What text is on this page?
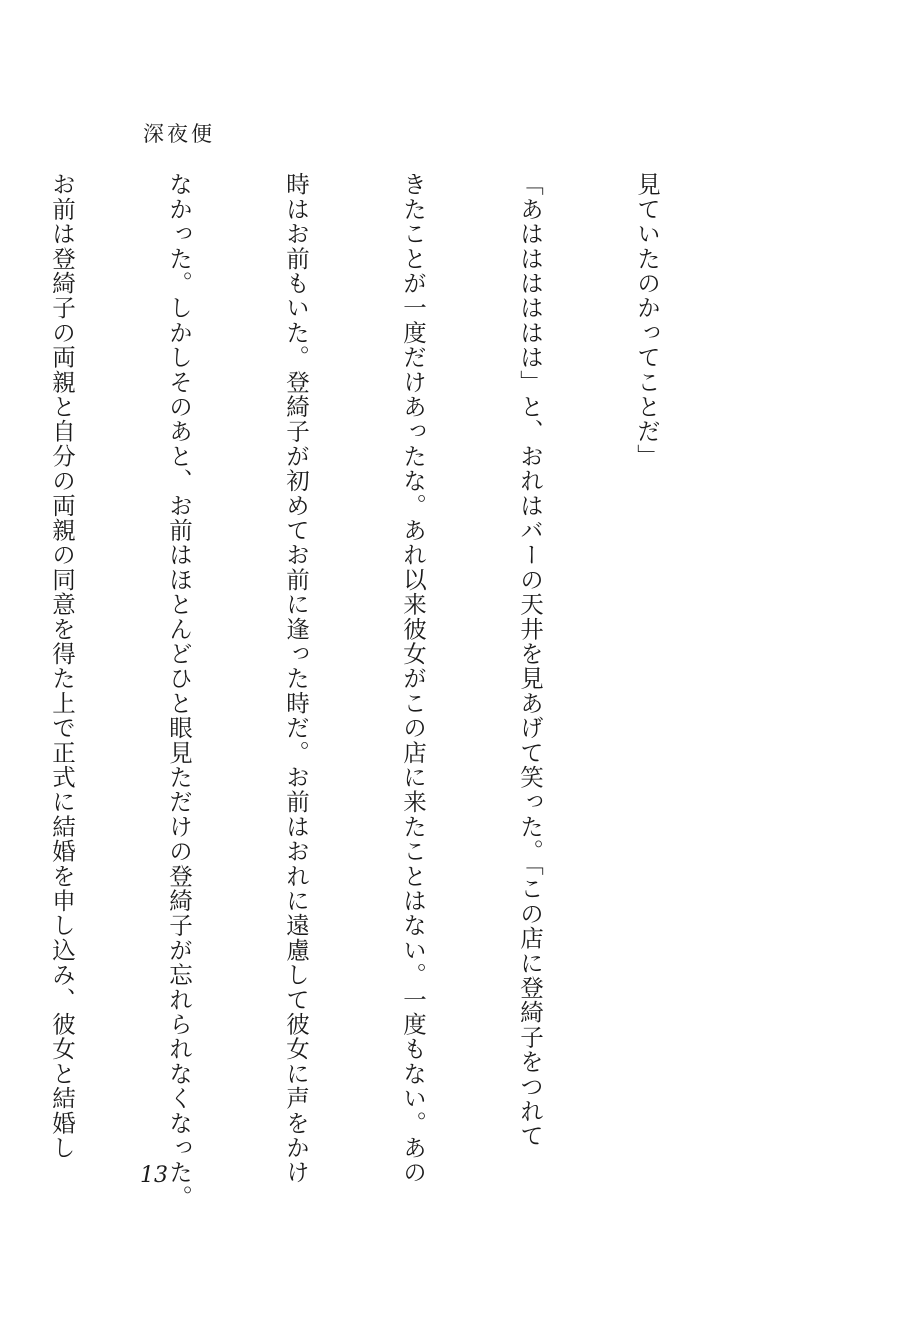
深夜便

見ていたのかってことだ」

「あはははははは」と、おれはバーの天井を見あげて笑った。「この店に登綺子をつれて

きたことが一度だけあったな。あれ以来彼女がこの店に来たことはない。一度もない。あの

時はお前もいた。登綺子が初めてお前に逢った時だ。お前はおれに遠慮して彼女に声をかけ

なかった。しかしそのあと、お前はほとんどひと眼見ただけの登綺子が忘れられなくなった。

お前は登綺子の両親と自分の両親の同意を得た上で正式に結婚を申し込み、彼女と結婚し

13
